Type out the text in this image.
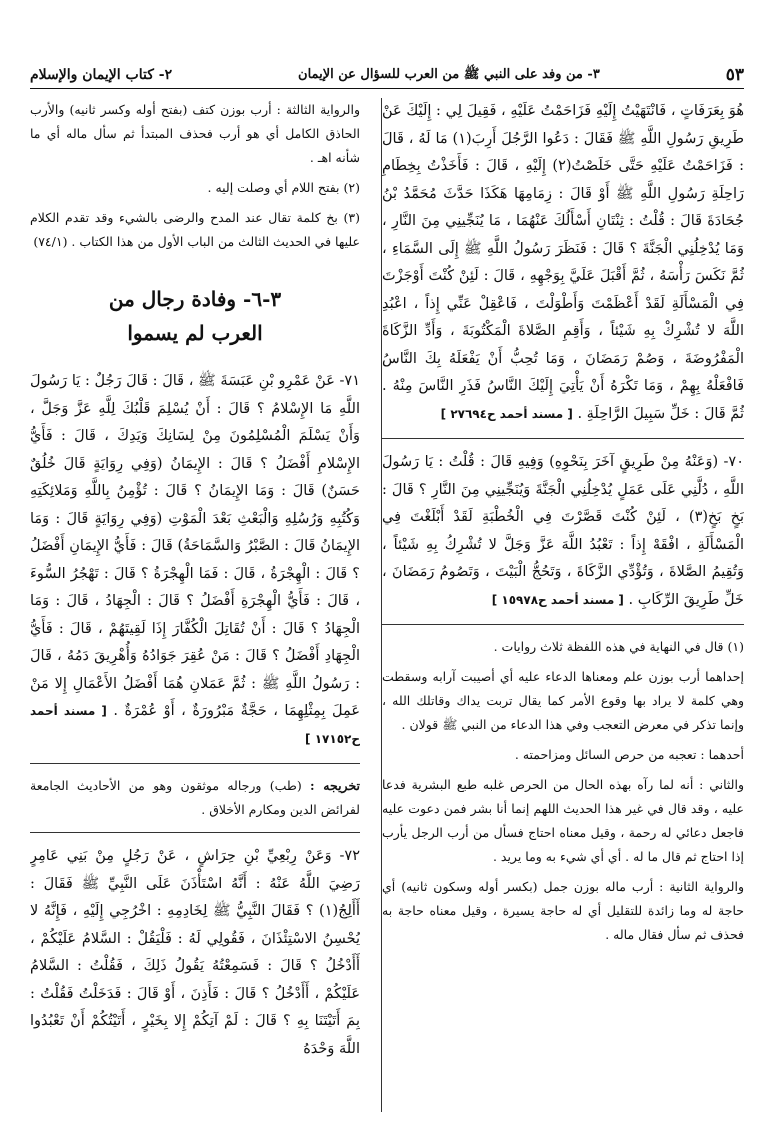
٥٣
٣- من وفد على النبي ﷺ من العرب للسؤال عن الإيمان
٢- كتاب الإيمان والإسلام

هُوَ بِعَرَفَاتٍ ، فَانْتَهَيْتُ إِلَيْهِ فَزَاحَمْتُ عَلَيْهِ ، فَقِيلَ لِي : إِلَيْكَ عَنْ طَرِيقِ رَسُولِ اللَّهِ ﷺ فَقَالَ : دَعُوا الرَّجُلَ أَرِبَ(١) مَا لَهُ ، قَالَ : فَزَاحَمْتُ عَلَيْهِ حَتَّى خَلَصْتُ(٢) إِلَيْهِ ، قَالَ : فَأَخَذْتُ بِخِطَامِ رَاحِلَةِ رَسُولِ اللَّهِ ﷺ أَوْ قَالَ : زِمَامِهَا هَكَذَا حَدَّثَ مُحَمَّدُ بْنُ جُحَادَةَ قَالَ : قُلْتُ : ثِنْتَانِ أَسْأَلُكَ عَنْهُمَا ، مَا يُنَجِّينِي مِنَ النَّارِ ، وَمَا يُدْخِلُنِي الْجَنَّةَ ؟ قَالَ : فَنَظَرَ رَسُولُ اللَّهِ ﷺ إِلَى السَّمَاءِ ، ثُمَّ نَكَسَ رَأْسَهُ ، ثُمَّ أَقْبَلَ عَلَيَّ بِوَجْهِهِ ، قَالَ : لَئِنْ كُنْتَ أَوْجَزْتَ فِي الْمَسْأَلَةِ لَقَدْ أَعْظَمْتَ وَأَطْوَلْتَ ، فَاعْقِلْ عَنِّي إِذاً ، اعْبُدِ اللَّهَ لا تُشْرِكْ بِهِ شَيْئاً ، وَأَقِمِ الصَّلاةَ الْمَكْتُوبَةَ ، وَأَدِّ الزَّكَاةَ الْمَفْرُوضَةَ ، وَصُمْ رَمَضَانَ ، وَمَا تُحِبُّ أَنْ يَفْعَلَهُ بِكَ النَّاسُ فَافْعَلْهُ بِهِمْ ، وَمَا تَكْرَهُ أَنْ يَأْتِيَ إِلَيْكَ النَّاسُ فَذَرِ النَّاسَ مِنْهُ . ثُمَّ قَالَ : خَلِّ سَبِيلَ الرَّاحِلَةِ . [ مسند أحمد ح٢٧٦٩٤ ]

٧٠- (وَعَنْهُ مِنْ طَرِيقٍ آخَرَ بِنَحْوِهِ) وَفِيهِ قَالَ : قُلْتُ : يَا رَسُولَ اللَّهِ ، دُلَّنِي عَلَى عَمَلٍ يُدْخِلُنِي الْجَنَّةَ وَيُنَجِّينِي مِنَ النَّارِ ؟ قَالَ : بَخٍ بَخٍ(٣) ، لَئِنْ كُنْتَ قَصَّرْتَ فِي الْخُطْبَةِ لَقَدْ أَبْلَغْتَ فِي الْمَسْأَلَةِ ، افْقَهْ إِذاً : تَعْبُدُ اللَّهَ عَزَّ وَجَلَّ لا تُشْرِكُ بِهِ شَيْئاً ، وَتُقِيمُ الصَّلاةَ ، وَتُؤْدِّي الزَّكَاةَ ، وَتَحُجُّ الْبَيْتَ ، وَتَصُومُ رَمَضَانَ ، خَلِّ طَرِيقَ الرِّكَابِ . [ مسند أحمد ح١٥٩٧٨ ]

(١) قال في النهاية في هذه اللفظة ثلاث روايات .

إحداهما أرب بوزن علم ومعناها الدعاء عليه أي أصيبت آرابه وسقطت وهي كلمة لا يراد بها وقوع الأمر كما يقال تربت يداك وقاتلك الله ، وإنما تذكر في معرض التعجب وفي هذا الدعاء من النبي ﷺ قولان .

أحدهما : تعجبه من حرص السائل ومزاحمته .

والثاني : أنه لما رآه بهذه الحال من الحرص غلبه طبع البشرية فدعا عليه ، وقد قال في غير هذا الحديث اللهم إنما أنا بشر فمن دعوت عليه فاجعل دعائي له رحمة ، وقيل معناه احتاج فسأل من أرب الرجل يأرب إذا احتاج ثم قال ما له . أي أي شيء به وما يريد .

والرواية الثانية : أرب ماله بوزن جمل (بكسر أوله وسكون ثانيه) أي حاجة له وما زائدة للتقليل أي له حاجة يسيرة ، وقيل معناه حاجة به فحذف ثم سأل فقال ماله .

والرواية الثالثة : أرب بوزن كتف (بفتح أوله وكسر ثانيه) والأرب الحاذق الكامل أي هو أرب فحذف المبتدأ ثم سأل ماله أي ما شأنه اهـ .

(٢) بفتح اللام أي وصلت إليه .

(٣) بخ كلمة تقال عند المدح والرضى بالشيء وقد تقدم الكلام عليها في الحديث الثالث من الباب الأول من هذا الكتاب . (٧٤/١)

٣-٦- وفادة رجال من
العرب لم يسموا

٧١- عَنْ عَمْرِو بْنِ عَبَسَةَ ﷺ ، قَالَ : قَالَ رَجُلٌ : يَا رَسُولَ اللَّهِ مَا الإِسْلامُ ؟ قَالَ : أَنْ يُسْلِمَ قَلْبُكَ لِلَّهِ عَزَّ وَجَلَّ ، وَأَنْ يَسْلَمَ الْمُسْلِمُونَ مِنْ لِسَانِكَ وَيَدِكَ ، قَالَ : فَأَيُّ الإِسْلامِ أَفْضَلُ ؟ قَالَ : الإِيمَانُ (وَفِي رِوَايَةٍ قَالَ خُلُقٌ حَسَنٌ) قَالَ : وَمَا الإِيمَانُ ؟ قَالَ : تُؤْمِنُ بِاللَّهِ وَمَلائِكَتِهِ وَكُتُبِهِ وَرُسُلِهِ وَالْبَعْثِ بَعْدَ الْمَوْتِ (وَفِي رِوَايَةٍ قَالَ : وَمَا الإِيمَانُ قَالَ : الصَّبْرُ وَالسَّمَاحَةُ) قَالَ : فَأَيُّ الإِيمَانِ أَفْضَلُ ؟ قَالَ : الْهِجْرَةُ ، قَالَ : فَمَا الْهِجْرَةُ ؟ قَالَ : تَهْجُرُ السُّوءَ ، قَالَ : فَأَيُّ الْهِجْرَةِ أَفْضَلُ ؟ قَالَ : الْجِهَادُ ، قَالَ : وَمَا الْجِهَادُ ؟ قَالَ : أَنْ تُقَاتِلَ الْكُفَّارَ إِذَا لَقِيتَهُمْ ، قَالَ : فَأَيُّ الْجِهَادِ أَفْضَلُ ؟ قَالَ : مَنْ عُقِرَ جَوَادُهُ وَأُهْرِيقَ دَمُهُ ، قَالَ : رَسُولُ اللَّهِ ﷺ : ثُمَّ عَمَلانِ هُمَا أَفْضَلُ الأَعْمَالِ إِلا مَنْ عَمِلَ بِمِثْلِهِمَا ، حَجَّةٌ مَبْرُورَةٌ ، أَوْ عُمْرَةٌ . [ مسند أحمد ح١٧١٥٢ ]

تخريجه : (طب) ورجاله موثقون وهو من الأحاديث الجامعة لفرائض الدين ومكارم الأخلاق .

٧٢- وَعَنْ رِبْعِيِّ بْنِ حِرَاشٍ ، عَنْ رَجُلٍ مِنْ بَنِي عَامِرٍ رَضِيَ اللَّهُ عَنْهُ : أَنَّهُ اسْتَأْذَنَ عَلَى النَّبِيِّ ﷺ فَقَالَ : أَأَلِجُ(١) ؟ فَقَالَ النَّبِيُّ ﷺ لِخَادِمِهِ : اخْرُجِي إِلَيْهِ ، فَإِنَّهُ لا يُحْسِنُ الاسْتِئْذَانَ ، فَقُولِي لَهُ : فَلْيَقُلْ : السَّلامُ عَلَيْكُمْ ، أَأَدْخُلُ ؟ قَالَ : فَسَمِعْتُهُ يَقُولُ ذَلِكَ ، فَقُلْتُ : السَّلامُ عَلَيْكُمْ ، أَأَدْخُلُ ؟ قَالَ : فَأَذِنَ ، أَوْ قَالَ : فَدَخَلْتُ فَقُلْتُ : بِمَ أَتَيْتَنَا بِهِ ؟ قَالَ : لَمْ آتِكُمْ إِلا بِخَيْرٍ ، أَتَيْتُكُمْ أَنْ تَعْبُدُوا اللَّهَ وَحْدَهُ
